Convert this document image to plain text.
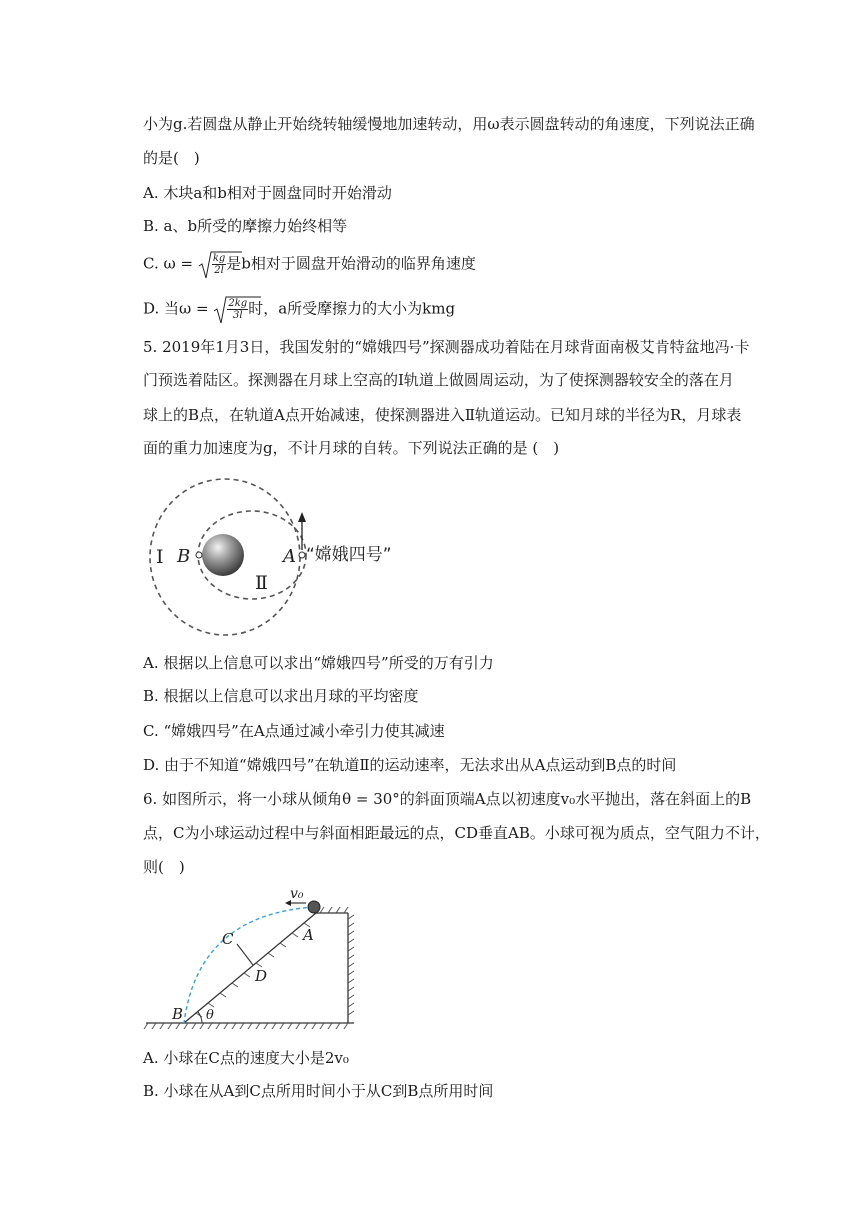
小为g.若圆盘从静止开始绕转轴缓慢地加速转动，用ω表示圆盘转动的角速度，下列说法正确
的是(　)
A. 木块a和b相对于圆盘同时开始滑动
B. a、b所受的摩擦力始终相等
C. $\omega = \frac{kg}{2l}$ 是b相对于圆盘开始滑动的临界角速度
D. 当$\omega = \frac{2kg}{3l}$ 时，a所受摩擦力的大小为kmg
5. 2019年1月3日，我国发射的“嫦娥四号”探测器成功着陆在月球背面南极艾肯特盆地冯·卡
门预选着陆区。探测器在月球上空高的Ⅰ轨道上做圆周运动，为了使探测器较安全的落在月
球上的B点，在轨道A点开始减速，使探测器进入Ⅱ轨道运动。已知月球的半径为R，月球表
面的重力加速度为g，不计月球的自转。下列说法正确的是 (　)
Ⅰ B	A
Ⅱ
“嫦娥四号”
A. 根据以上信息可以求出“嫦娥四号”所受的万有引力
B. 根据以上信息可以求出月球的平均密度
C. “嫦娥四号”在A点通过减小牵引力使其减速
D. 由于不知道“嫦娥四号”在轨道Ⅱ的运动速率，无法求出从A点运动到B点的时间
6. 如图所示，将一小球从倾角θ = 30°的斜面顶端A点以初速度v₀水平抛出，落在斜面上的B
点，C为小球运动过程中与斜面相距最远的点，CD垂直AB。小球可视为质点，空气阻力不计，
则(　)
v₀
A
C
D
B θ
A. 小球在C点的速度大小是2v₀
B. 小球在从A到C点所用时间小于从C到B点所用时间
